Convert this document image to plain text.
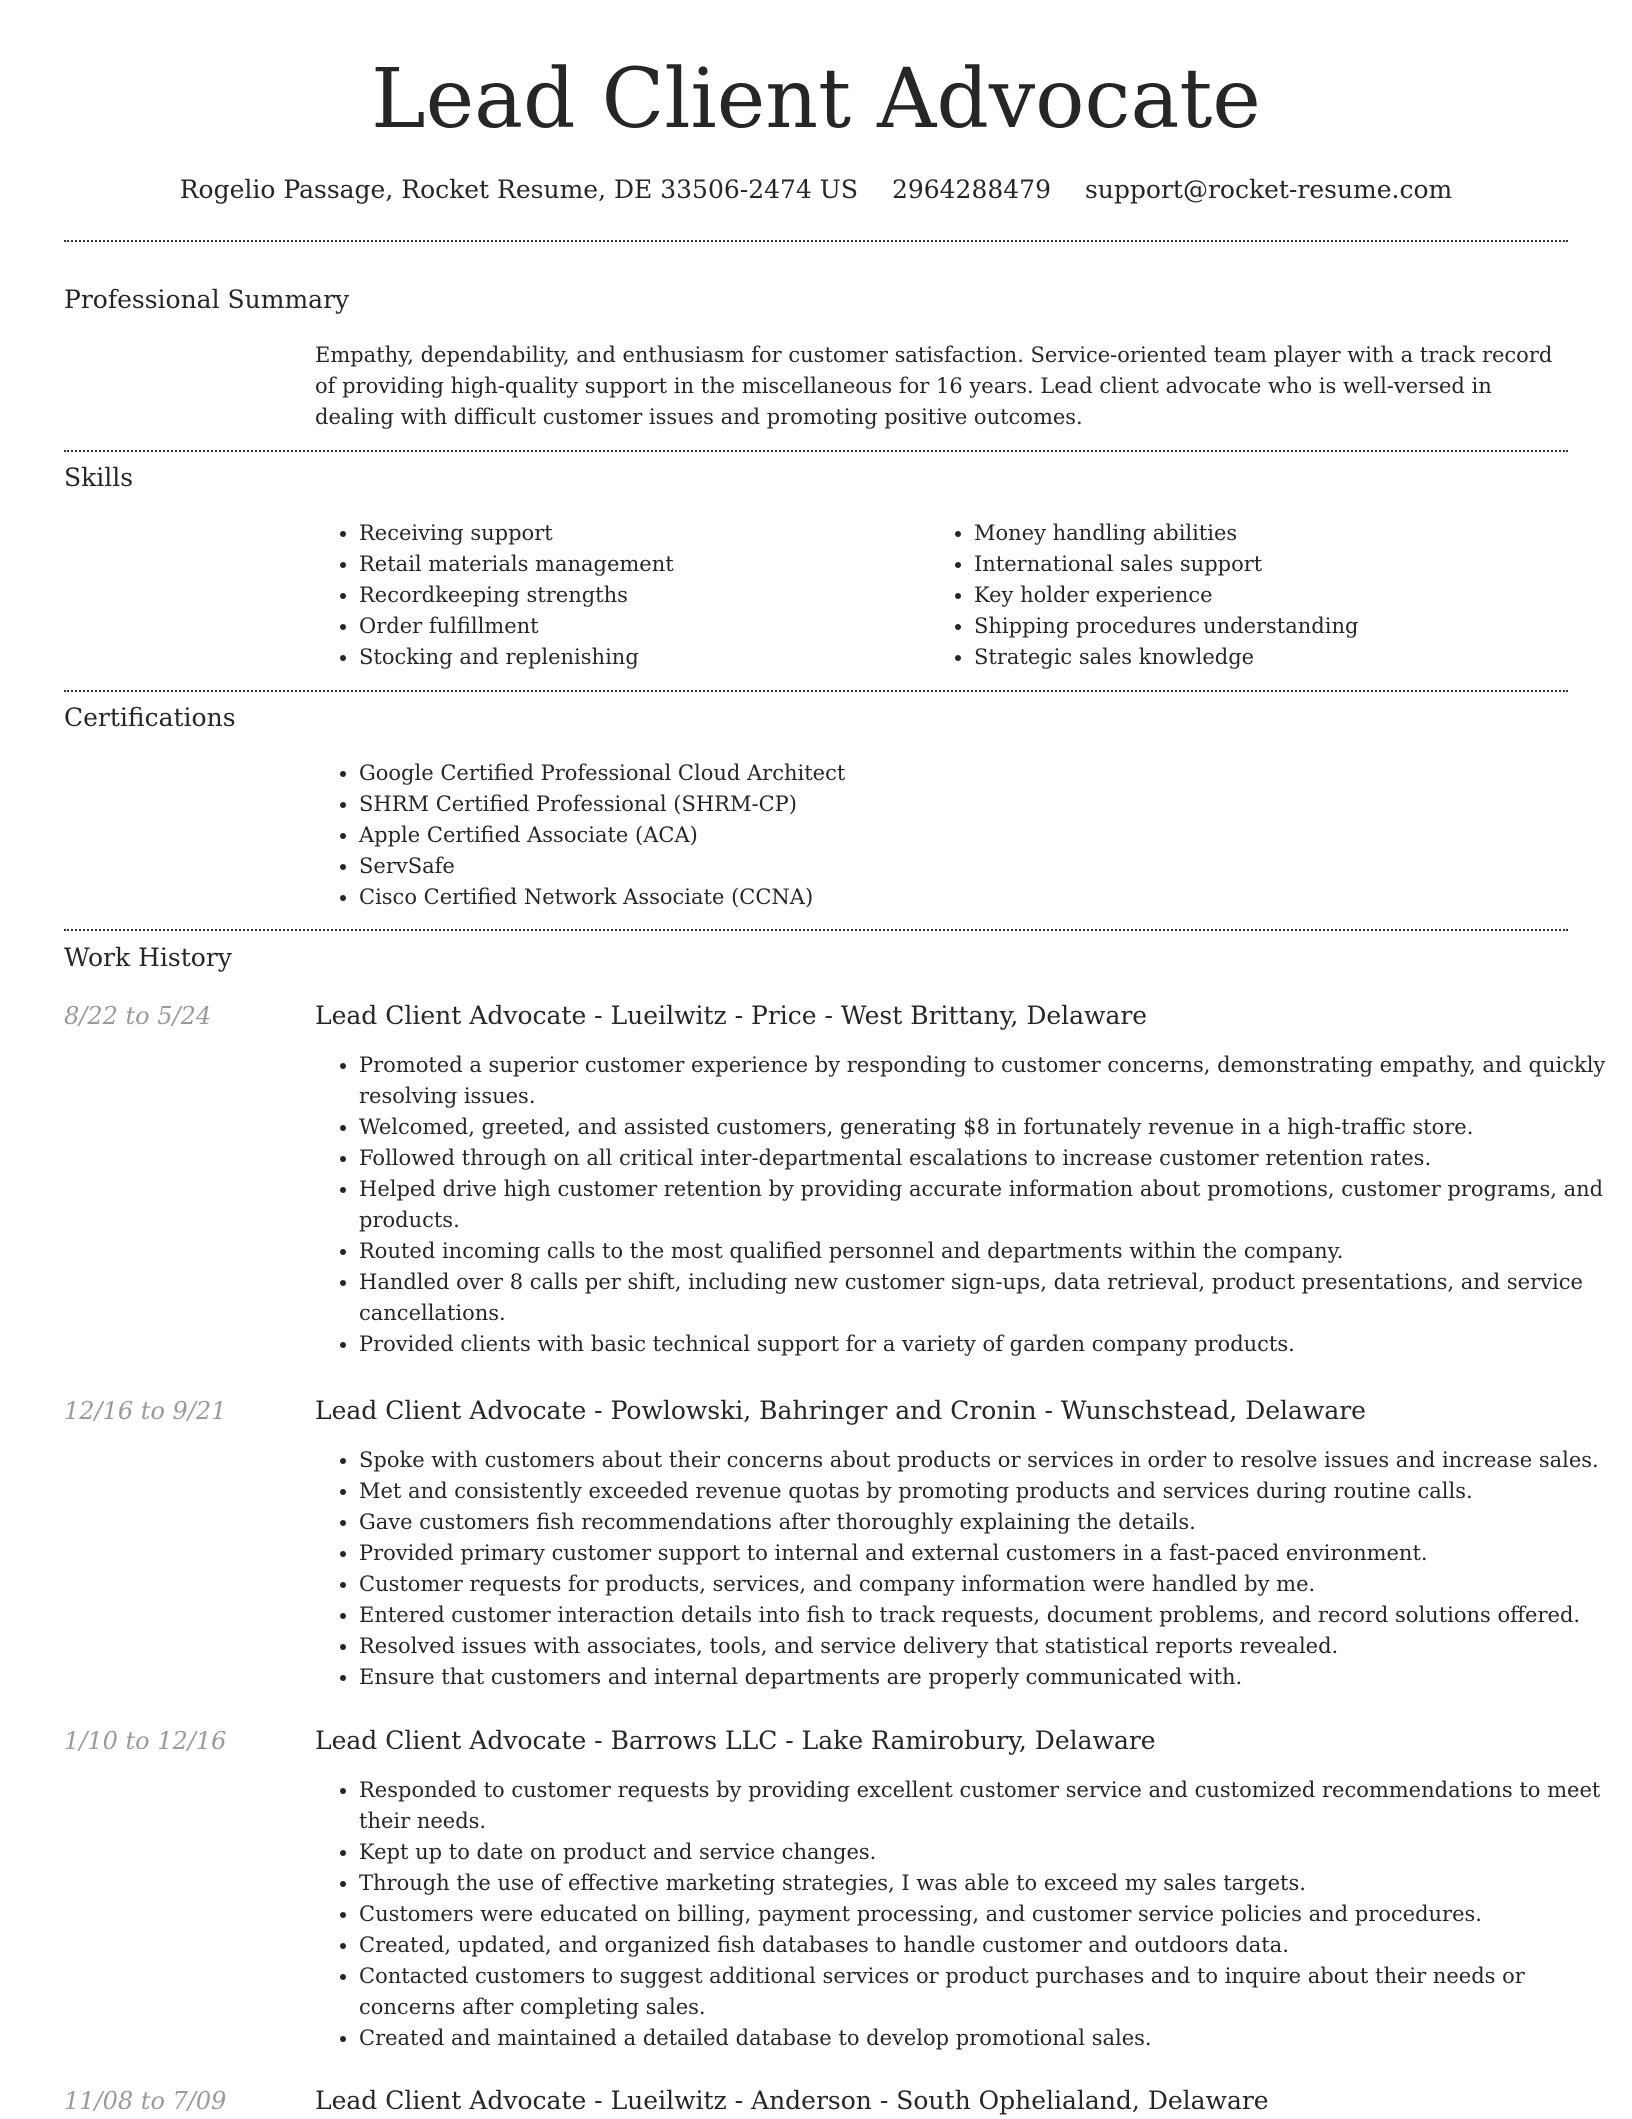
Lead Client Advocate
Rogelio Passage, Rocket Resume, DE 33506-2474 US 2964288479 support@rocket-resume.com
Professional Summary

Empathy, dependability, and enthusiasm for customer satisfaction. Service-oriented team player with a track record of providing high-quality support in the miscellaneous for 16 years. Lead client advocate who is well-versed in dealing with difficult customer issues and promoting positive outcomes.

Skills
• Receiving support
• Retail materials management
• Recordkeeping strengths
• Order fulfillment
• Stocking and replenishing
• Money handling abilities
• International sales support
• Key holder experience
• Shipping procedures understanding
• Strategic sales knowledge
Certifications
• Google Certified Professional Cloud Architect
• SHRM Certified Professional (SHRM-CP)
• Apple Certified Associate (ACA)
• ServSafe
• Cisco Certified Network Associate (CCNA)
Work History
8/22 to 5/24	Lead Client Advocate - Lueilwitz - Price - West Brittany, Delaware
• Promoted a superior customer experience by responding to customer concerns, demonstrating empathy, and quickly resolving issues.
• Welcomed, greeted, and assisted customers, generating $8 in fortunately revenue in a high-traffic store.
• Followed through on all critical inter-departmental escalations to increase customer retention rates.
• Helped drive high customer retention by providing accurate information about promotions, customer programs, and products.
• Routed incoming calls to the most qualified personnel and departments within the company.
• Handled over 8 calls per shift, including new customer sign-ups, data retrieval, product presentations, and service cancellations.
• Provided clients with basic technical support for a variety of garden company products.
12/16 to 9/21	Lead Client Advocate - Powlowski, Bahringer and Cronin - Wunschstead, Delaware
• Spoke with customers about their concerns about products or services in order to resolve issues and increase sales.
• Met and consistently exceeded revenue quotas by promoting products and services during routine calls.
• Gave customers fish recommendations after thoroughly explaining the details.
• Provided primary customer support to internal and external customers in a fast-paced environment.
• Customer requests for products, services, and company information were handled by me.
• Entered customer interaction details into fish to track requests, document problems, and record solutions offered.
• Resolved issues with associates, tools, and service delivery that statistical reports revealed.
• Ensure that customers and internal departments are properly communicated with.
1/10 to 12/16	Lead Client Advocate - Barrows LLC - Lake Ramirobury, Delaware
• Responded to customer requests by providing excellent customer service and customized recommendations to meet their needs.
• Kept up to date on product and service changes.
• Through the use of effective marketing strategies, I was able to exceed my sales targets.
• Customers were educated on billing, payment processing, and customer service policies and procedures.
• Created, updated, and organized fish databases to handle customer and outdoors data.
• Contacted customers to suggest additional services or product purchases and to inquire about their needs or concerns after completing sales.
• Created and maintained a detailed database to develop promotional sales.
11/08 to 7/09	Lead Client Advocate - Lueilwitz - Anderson - South Ophelialand, Delaware
